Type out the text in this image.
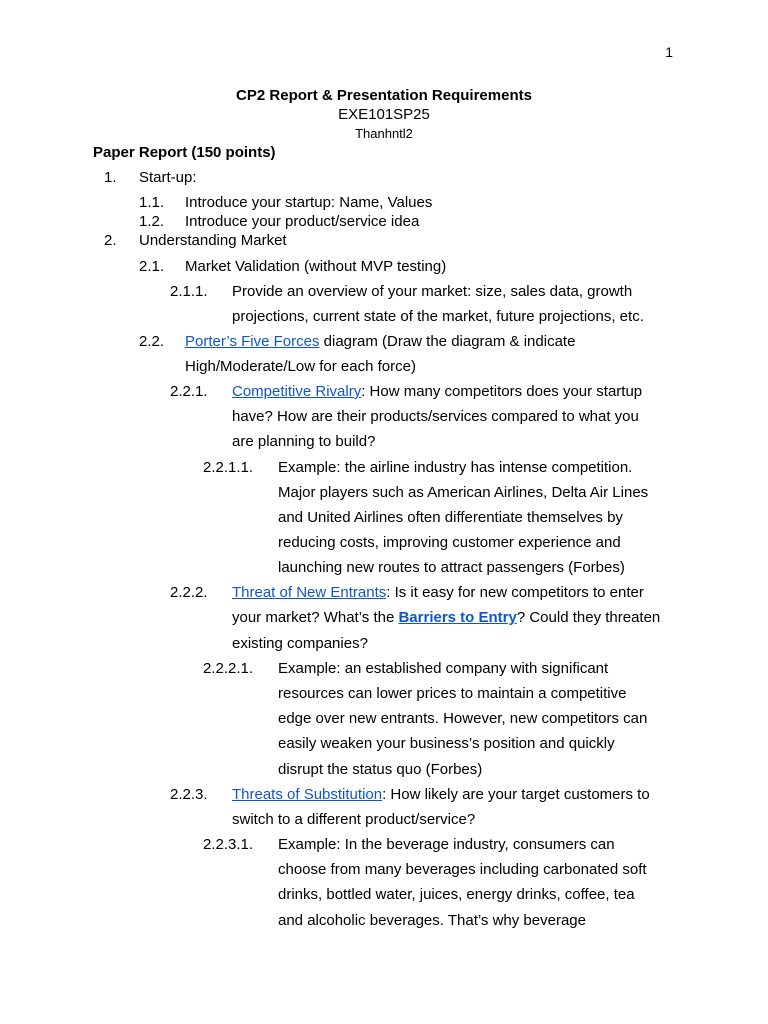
1
CP2 Report & Presentation Requirements
EXE101SP25
Thanhntl2
Paper Report (150 points)
1. Start-up:
1.1. Introduce your startup: Name, Values
1.2. Introduce your product/service idea
2. Understanding Market
2.1. Market Validation (without MVP testing)
2.1.1. Provide an overview of your market: size, sales data, growth
projections, current state of the market, future projections, etc.
2.2. Porter’s Five Forces diagram (Draw the diagram & indicate
High/Moderate/Low for each force)
2.2.1. Competitive Rivalry: How many competitors does your startup
have? How are their products/services compared to what you
are planning to build?
2.2.1.1. Example: the airline industry has intense competition.
Major players such as American Airlines, Delta Air Lines
and United Airlines often differentiate themselves by
reducing costs, improving customer experience and
launching new routes to attract passengers (Forbes)
2.2.2. Threat of New Entrants: Is it easy for new competitors to enter
your market? What’s the Barriers to Entry? Could they threaten
existing companies?
2.2.2.1. Example: an established company with significant
resources can lower prices to maintain a competitive
edge over new entrants. However, new competitors can
easily weaken your business’s position and quickly
disrupt the status quo (Forbes)
2.2.3. Threats of Substitution: How likely are your target customers to
switch to a different product/service?
2.2.3.1. Example: In the beverage industry, consumers can
choose from many beverages including carbonated soft
drinks, bottled water, juices, energy drinks, coffee, tea
and alcoholic beverages. That’s why beverage
